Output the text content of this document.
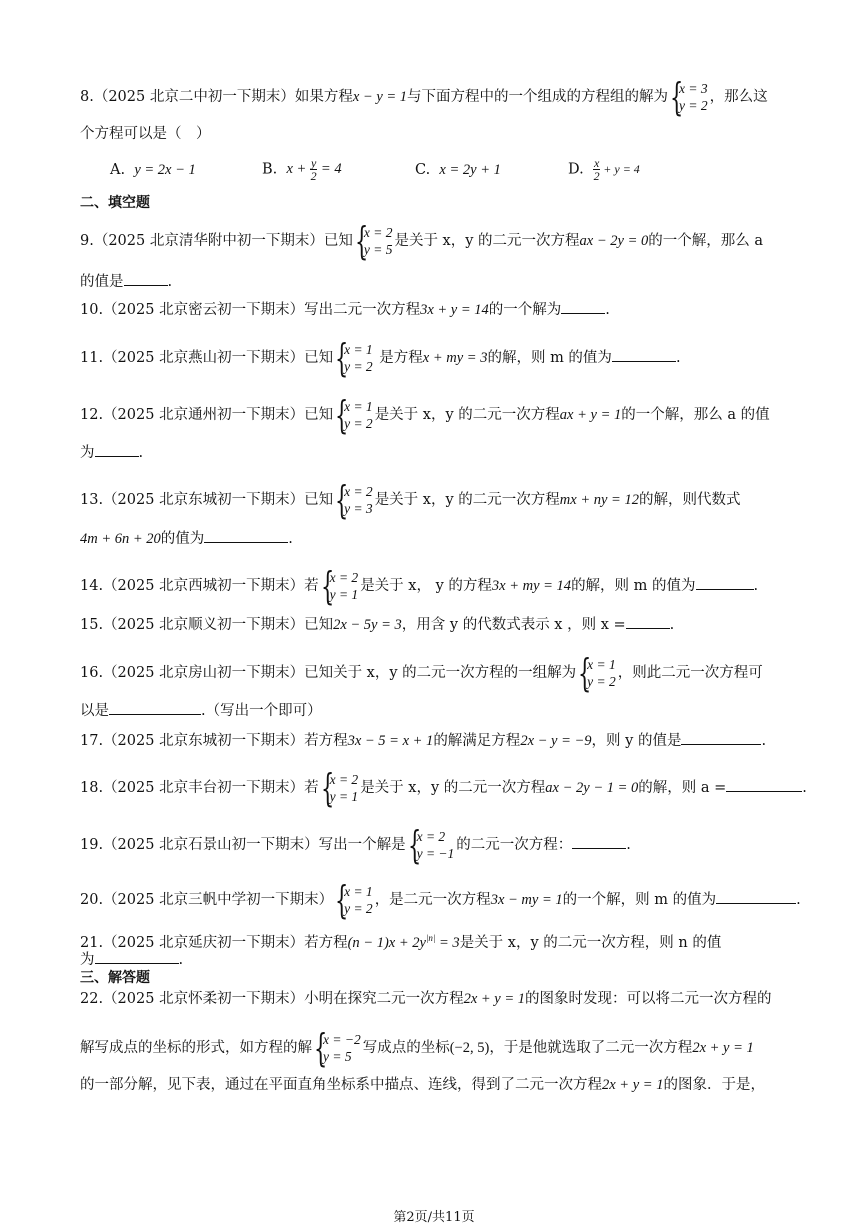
8.（2025 北京二中初一下期末）如果方程x − y = 1与下面方程中的一个组成的方程组的解为 {
x = 3
y = 2
，那么这
个方程可以是（　）
A. y = 2x − 1	B. $x + \frac{y}{2} = 4$	C. x = 2y + 1	D. $\frac{x}{2} + y = 4$
二、填空题
9.（2025 北京清华附中初一下期末）已知 {
x = 2
y = 5
是关于 x，y 的二元一次方程ax − 2y = 0的一个解，那么 a
的值是	.
10.（2025 北京密云初一下期末）写出二元一次方程3x + y = 14的一个解为	.
11.（2025 北京燕山初一下期末）已知 {
x = 1
y = 2
是方程x + my = 3的解，则 m 的值为	.
12.（2025 北京通州初一下期末）已知 {
x = 1
y = 2
是关于 x，y 的二元一次方程ax + y = 1的一个解，那么 a 的值
为	.
13.（2025 北京东城初一下期末）已知 {
x = 2
y = 3
是关于 x，y 的二元一次方程mx + ny = 12的解，则代数式
4m + 6n + 20的值为	.
14.（2025 北京西城初一下期末）若 {
x = 2
y = 1
是关于 x， y 的方程3x + my = 14的解，则 m 的值为	.
15.（2025 北京顺义初一下期末）已知2x − 5y = 3，用含 y 的代数式表示 x ，则 x =	.
16.（2025 北京房山初一下期末）已知关于 x，y 的二元一次方程的一组解为 {
x = 1
y = 2
，则此二元一次方程可
以是	.（写出一个即可）
17.（2025 北京东城初一下期末）若方程3x − 5 = x + 1的解满足方程2x − y = −9，则 y 的值是	.
18.（2025 北京丰台初一下期末）若 {
x = 2
y = 1
是关于 x，y 的二元一次方程ax − 2y − 1 = 0的解，则 a =	.
19.（2025 北京石景山初一下期末）写出一个解是 {
x = 2
y = −1
的二元一次方程：	.
20.（2025 北京三帆中学初一下期末） {
x = 1
y = 2
，是二元一次方程3x − my = 1的一个解，则 m 的值为	.
21.（2025 北京延庆初一下期末）若方程$(n - 1)x + 2y^{|n|} = 3$是关于 x，y 的二元一次方程，则 n 的值
为	.
三、解答题
22.（2025 北京怀柔初一下期末）小明在探究二元一次方程2x + y = 1的图象时发现：可以将二元一次方程的
解写成点的坐标的形式，如方程的解 {
x = −2
y = 5
写成点的坐标(−2, 5)，于是他就选取了二元一次方程2x + y = 1
的一部分解，见下表，通过在平面直角坐标系中描点、连线，得到了二元一次方程2x + y = 1的图象．于是，
第2页/共11页
